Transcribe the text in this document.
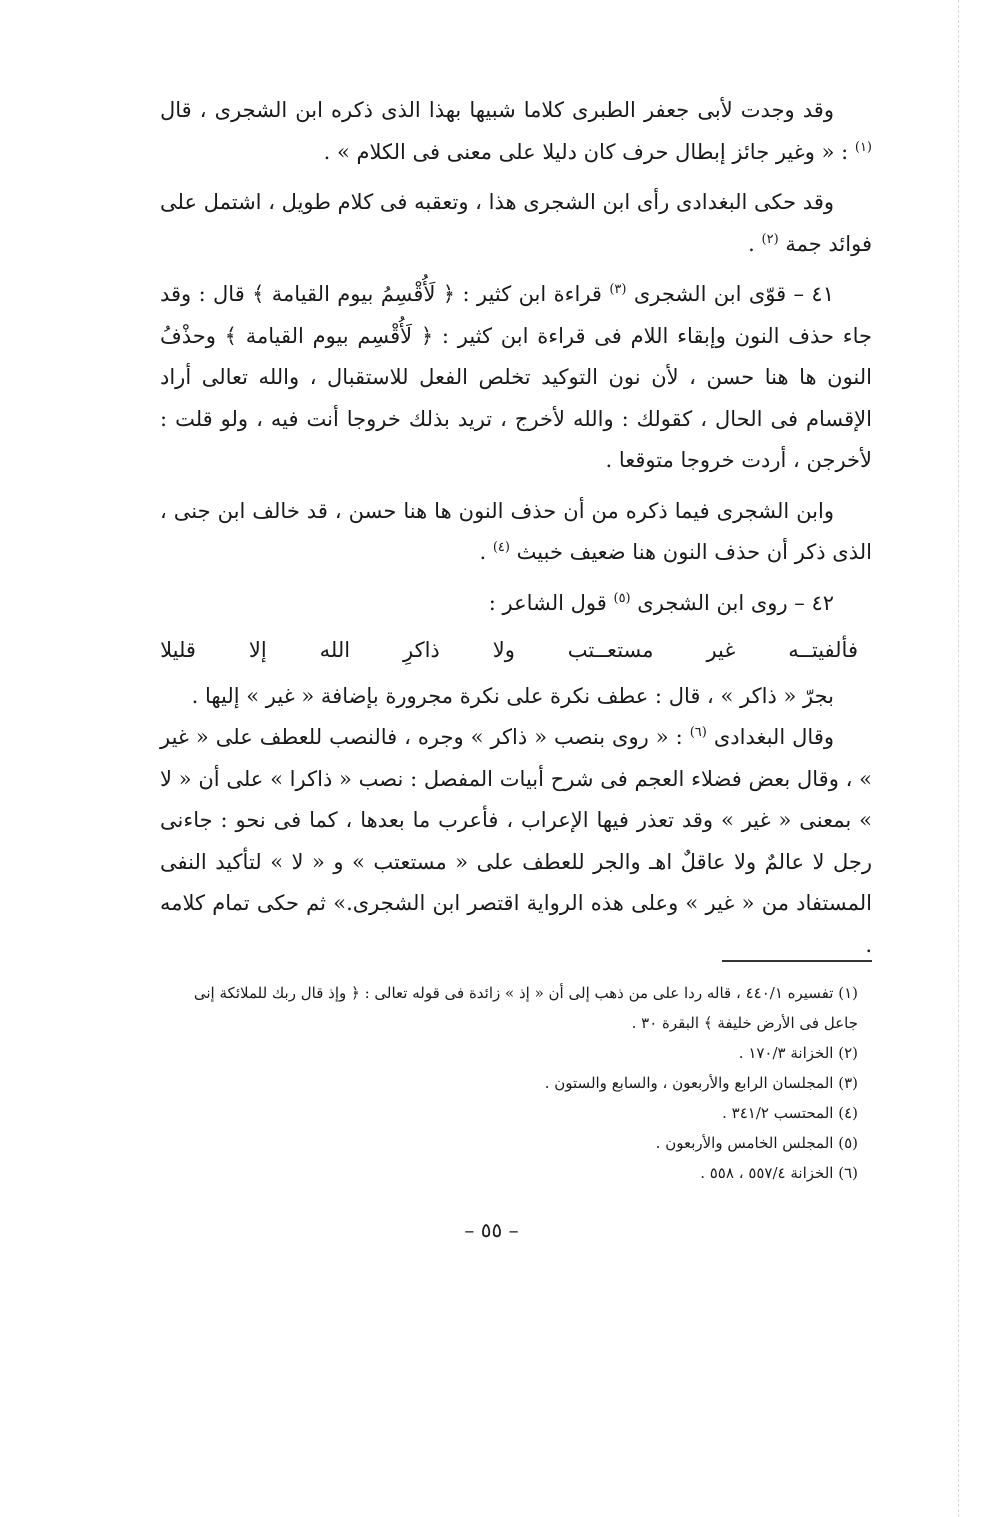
وقد وجدت لأبى جعفر الطبرى كلاما شبيها بهذا الذى ذكره ابن الشجرى ، قال $^{(١)}$ : « وغير جائز إبطال حرف كان دليلا على معنى فى الكلام » .

وقد حكى البغدادى رأى ابن الشجرى هذا ، وتعقبه فى كلام طويل ، اشتمل على فوائد جمة $^{(٢)}$ .

٤١ – قوّى ابن الشجرى $^{(٣)}$ قراءة ابن كثير : ﴿ لَأُقْسِمُ بيوم القيامة ﴾ قال : وقد جاء حذف النون وإبقاء اللام فى قراءة ابن كثير : ﴿ لَأُقْسِم بيوم القيامة ﴾ وحذْفُ النون ها هنا حسن ، لأن نون التوكيد تخلص الفعل للاستقبال ، والله تعالى أراد الإقسام فى الحال ، كقولك : والله لأخرج ، تريد بذلك خروجا أنت فيه ، ولو قلت : لأخرجن ، أردت خروجا متوقعا .

وابن الشجرى فيما ذكره من أن حذف النون ها هنا حسن ، قد خالف ابن جنى ، الذى ذكر أن حذف النون هنا ضعيف خبيث $^{(٤)}$ .

٤٢ – روى ابن الشجرى $^{(٥)}$ قول الشاعر :

فألفيتــه
غير
مستعــتب
ولا
ذاكرِ
الله
إلا
قليلا

بجرّ « ذاكر » ، قال : عطف نكرة على نكرة مجرورة بإضافة « غير » إليها .

وقال البغدادى $^{(٦)}$ : « روى بنصب « ذاكر » وجره ، فالنصب للعطف على « غير » ، وقال بعض فضلاء العجم فى شرح أبيات المفصل : نصب « ذاكرا » على أن « لا » بمعنى « غير » وقد تعذر فيها الإعراب ، فأعرب ما بعدها ، كما فى نحو : جاءنى رجل لا عالمٌ ولا عاقلٌ اهـ والجر للعطف على « مستعتب » و « لا » لتأكيد النفى المستفاد من « غير » وعلى هذه الرواية اقتصر ابن الشجرى.» ثم حكى تمام كلامه .

(١) تفسيره ٤٤٠/١ ، قاله ردا على من ذهب إلى أن « إذ » زائدة فى قوله تعالى : ﴿ وإذ قال ربك للملائكة إنى جاعل فى الأرض خليفة ﴾ البقرة ٣٠ .

(٢) الخزانة ١٧٠/٣ .

(٣) المجلسان الرابع والأربعون ، والسابع والستون .

(٤) المحتسب ٣٤١/٢ .

(٥) المجلس الخامس والأربعون .

(٦) الخزانة ٥٥٧/٤ ، ٥٥٨ .

– ٥٥ –
